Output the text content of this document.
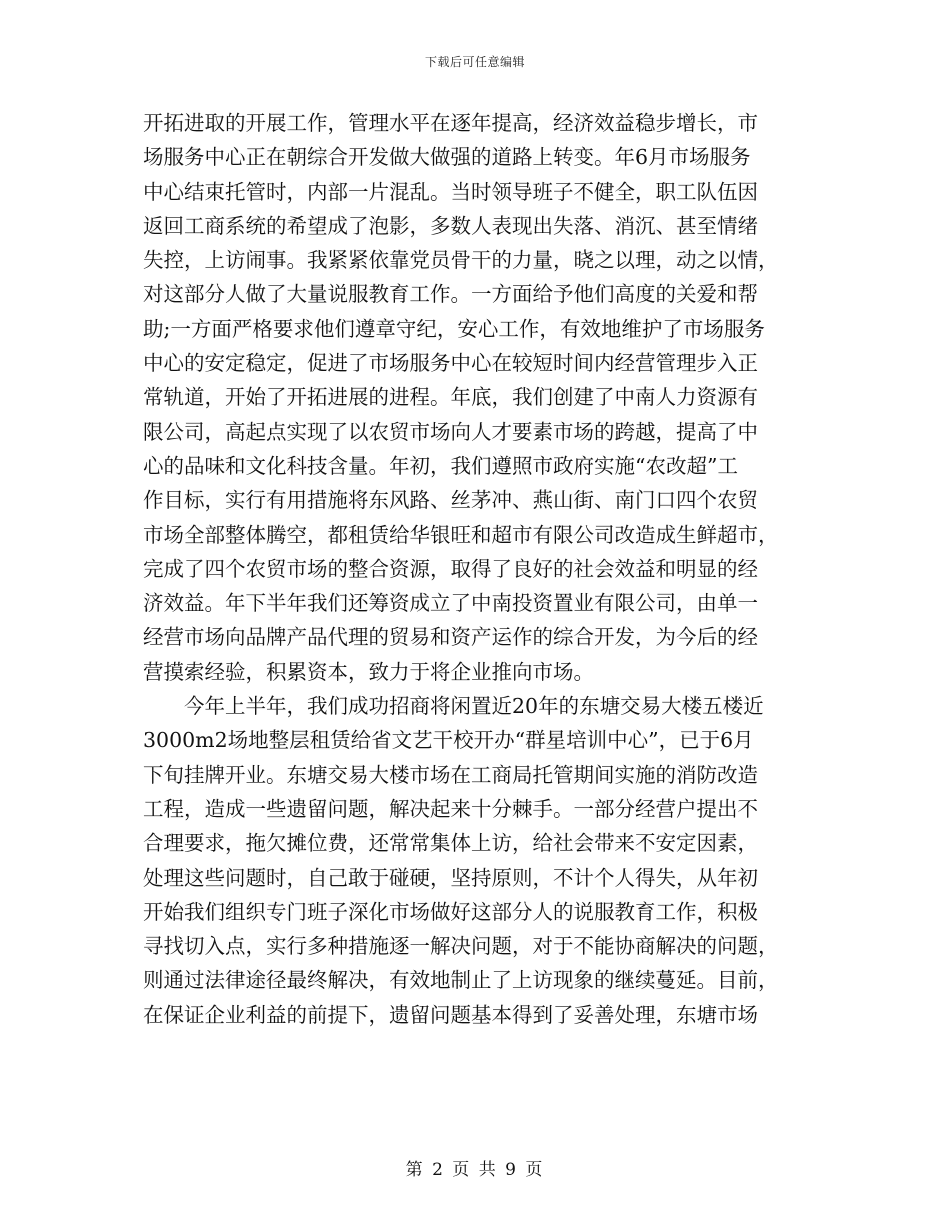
下载后可任意编辑
开拓进取的开展工作，管理水平在逐年提高，经济效益稳步增长，市
场服务中心正在朝综合开发做大做强的道路上转变。年6月市场服务
中心结束托管时，内部一片混乱。当时领导班子不健全，职工队伍因
返回工商系统的希望成了泡影，多数人表现出失落、消沉、甚至情绪
失控，上访闹事。我紧紧依靠党员骨干的力量，晓之以理，动之以情，
对这部分人做了大量说服教育工作。一方面给予他们高度的关爱和帮
助;一方面严格要求他们遵章守纪，安心工作，有效地维护了市场服务
中心的安定稳定，促进了市场服务中心在较短时间内经营管理步入正
常轨道，开始了开拓进展的进程。年底，我们创建了中南人力资源有
限公司，高起点实现了以农贸市场向人才要素市场的跨越，提高了中
心的品味和文化科技含量。年初，我们遵照市政府实施“农改超”工
作目标，实行有用措施将东风路、丝茅冲、燕山街、南门口四个农贸
市场全部整体腾空，都租赁给华银旺和超市有限公司改造成生鲜超市，
完成了四个农贸市场的整合资源，取得了良好的社会效益和明显的经
济效益。年下半年我们还筹资成立了中南投资置业有限公司，由单一
经营市场向品牌产品代理的贸易和资产运作的综合开发，为今后的经
营摸索经验，积累资本，致力于将企业推向市场。
今年上半年，我们成功招商将闲置近20年的东塘交易大楼五楼近
3000m2场地整层租赁给省文艺干校开办“群星培训中心”，已于6月
下旬挂牌开业。东塘交易大楼市场在工商局托管期间实施的消防改造
工程，造成一些遗留问题，解决起来十分棘手。一部分经营户提出不
合理要求，拖欠摊位费，还常常集体上访，给社会带来不安定因素，
处理这些问题时，自己敢于碰硬，坚持原则，不计个人得失，从年初
开始我们组织专门班子深化市场做好这部分人的说服教育工作，积极
寻找切入点，实行多种措施逐一解决问题，对于不能协商解决的问题，
则通过法律途径最终解决，有效地制止了上访现象的继续蔓延。目前，
在保证企业利益的前提下，遗留问题基本得到了妥善处理，东塘市场
第 2 页 共 9 页
